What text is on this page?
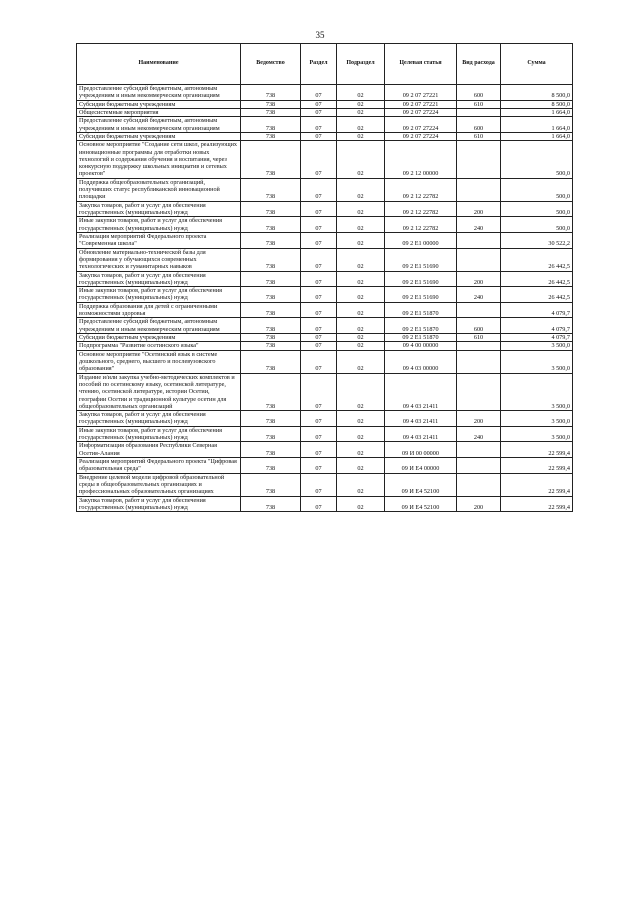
35
Наименование	Ведомство	Раздел	Подраздел	Целевая статья	Вид расхода	Сумма
Предоставление субсидий бюджетным, автономным учреждениям и иным некоммерческим организациям	738	07	02	09 2 07 27221	600	8 500,0
Субсидии бюджетным учреждениям	738	07	02	09 2 07 27221	610	8 500,0
Общесистемные мероприятия	738	07	02	09 2 07 27224		1 664,0
Предоставление субсидий бюджетным, автономным учреждениям и иным некоммерческим организациям	738	07	02	09 2 07 27224	600	1 664,0
Субсидии бюджетным учреждениям	738	07	02	09 2 07 27224	610	1 664,0
Основное мероприятие "Создание сети школ, реализующих инновационные программы для отработки новых технологий и содержания обучения и воспитания, через конкурсную поддержку школьных инициатив и сетевых проектов"	738	07	02	09 2 12 00000		500,0
Поддержка общеобразовательных организаций, получивших статус республиканской инновационной площадки	738	07	02	09 2 12 22782		500,0
Закупка товаров, работ и услуг для обеспечения государственных (муниципальных) нужд	738	07	02	09 2 12 22782	200	500,0
Иные закупки товаров, работ и услуг для обеспечения государственных (муниципальных) нужд	738	07	02	09 2 12 22782	240	500,0
Реализация мероприятий Федерального проекта "Современная школа"	738	07	02	09 2 E1 00000		30 522,2
Обновление материально-технической базы для формирования у обучающихся современных технологических и гуманитарных навыков	738	07	02	09 2 E1 51690		26 442,5
Закупка товаров, работ и услуг для обеспечения государственных (муниципальных) нужд	738	07	02	09 2 E1 51690	200	26 442,5
Иные закупки товаров, работ и услуг для обеспечения государственных (муниципальных) нужд	738	07	02	09 2 E1 51690	240	26 442,5
Поддержка образования для детей с ограниченными возможностями здоровья	738	07	02	09 2 E1 51870		4 079,7
Предоставление субсидий бюджетным, автономным учреждениям и иным некоммерческим организациям	738	07	02	09 2 E1 51870	600	4 079,7
Субсидии бюджетным учреждениям	738	07	02	09 2 E1 51870	610	4 079,7
Подпрограмма "Развитие осетинского языка"	738	07	02	09 4 00 00000		3 500,0
Основное мероприятие "Осетинский язык в системе дошкольного, среднего, высшего и послевузовского образования"	738	07	02	09 4 03 00000		3 500,0
Издание и/или закупка учебно-методических комплектов и пособий по осетинскому языку, осетинской литературе, чтению, осетинской литературе, истории Осетии, географии Осетии и традиционной культуре осетин для общеобразовательных организаций	738	07	02	09 4 03 21411		3 500,0
Закупка товаров, работ и услуг для обеспечения государственных (муниципальных) нужд	738	07	02	09 4 03 21411	200	3 500,0
Иные закупки товаров, работ и услуг для обеспечения государственных (муниципальных) нужд	738	07	02	09 4 03 21411	240	3 500,0
Информатизация образования Республики Северная Осетия-Алания	738	07	02	09 И 00 00000		22 599,4
Реализация мероприятий Федерального проекта "Цифровая образовательная среда"	738	07	02	09 И E4 00000		22 599,4
Внедрение целевой модели цифровой образовательной среды в общеобразовательных организациях и профессиональных образовательных организациях	738	07	02	09 И E4 52100		22 599,4
Закупка товаров, работ и услуг для обеспечения государственных (муниципальных) нужд	738	07	02	09 И E4 52100	200	22 599,4
